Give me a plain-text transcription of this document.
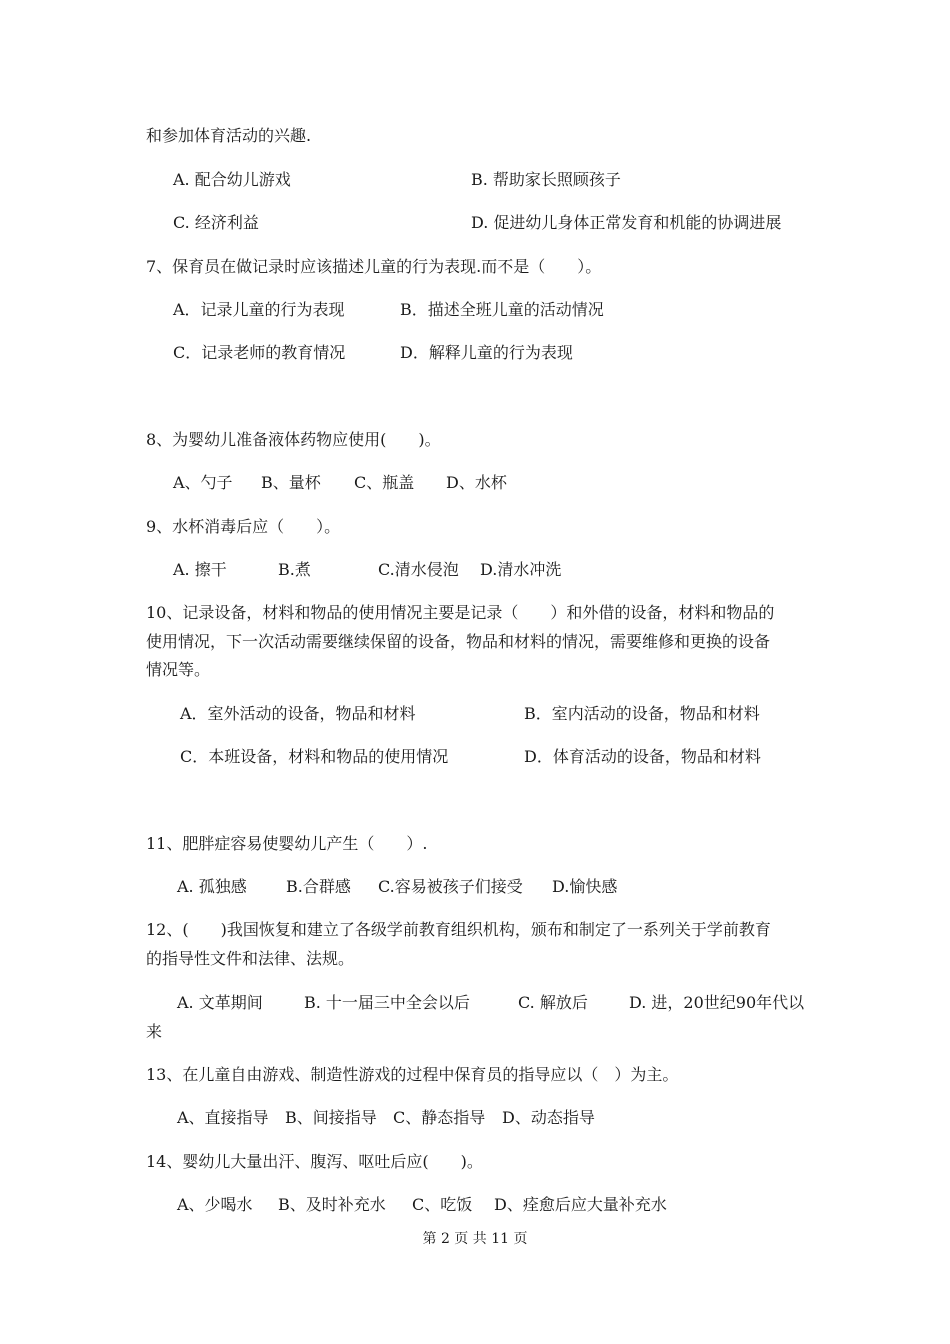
和参加体育活动的兴趣.
A. 配合幼儿游戏	B. 帮助家长照顾孩子
C. 经济利益	D. 促进幼儿身体正常发育和机能的协调进展
7、保育员在做记录时应该描述儿童的行为表现.而不是（　　）。
A．记录儿童的行为表现	B．描述全班儿童的活动情况
C．记录老师的教育情况	D．解释儿童的行为表现
8、为婴幼儿准备液体药物应使用(　　)。
A、勺子 B、量杯 C、瓶盖 D、水杯
9、水杯消毒后应（　　）。
A. 擦干	B.煮	C.清水侵泡 D.清水冲洗
10、记录设备，材料和物品的使用情况主要是记录（　　）和外借的设备，材料和物品的
使用情况，下一次活动需要继续保留的设备，物品和材料的情况，需要维修和更换的设备
情况等。
A．室外活动的设备，物品和材料	B．室内活动的设备，物品和材料
C．本班设备，材料和物品的使用情况	D．体育活动的设备，物品和材料
11、肥胖症容易使婴幼儿产生（　　）.
A. 孤独感 B.合群感 C.容易被孩子们接受 D.愉快感
12、(　　)我国恢复和建立了各级学前教育组织机构，颁布和制定了一系列关于学前教育
的指导性文件和法律、法规。
A. 文革期间	B. 十一届三中全会以后	C. 解放后	D. 进，20世纪90年代以
来
13、在儿童自由游戏、制造性游戏的过程中保育员的指导应以（　）为主。
A、直接指导 B、间接指导 C、静态指导 D、动态指导
14、婴幼儿大量出汗、腹泻、呕吐后应(　　)。
A、少喝水 B、及时补充水 C、吃饭 D、痊愈后应大量补充水
第 2 页 共 11 页
